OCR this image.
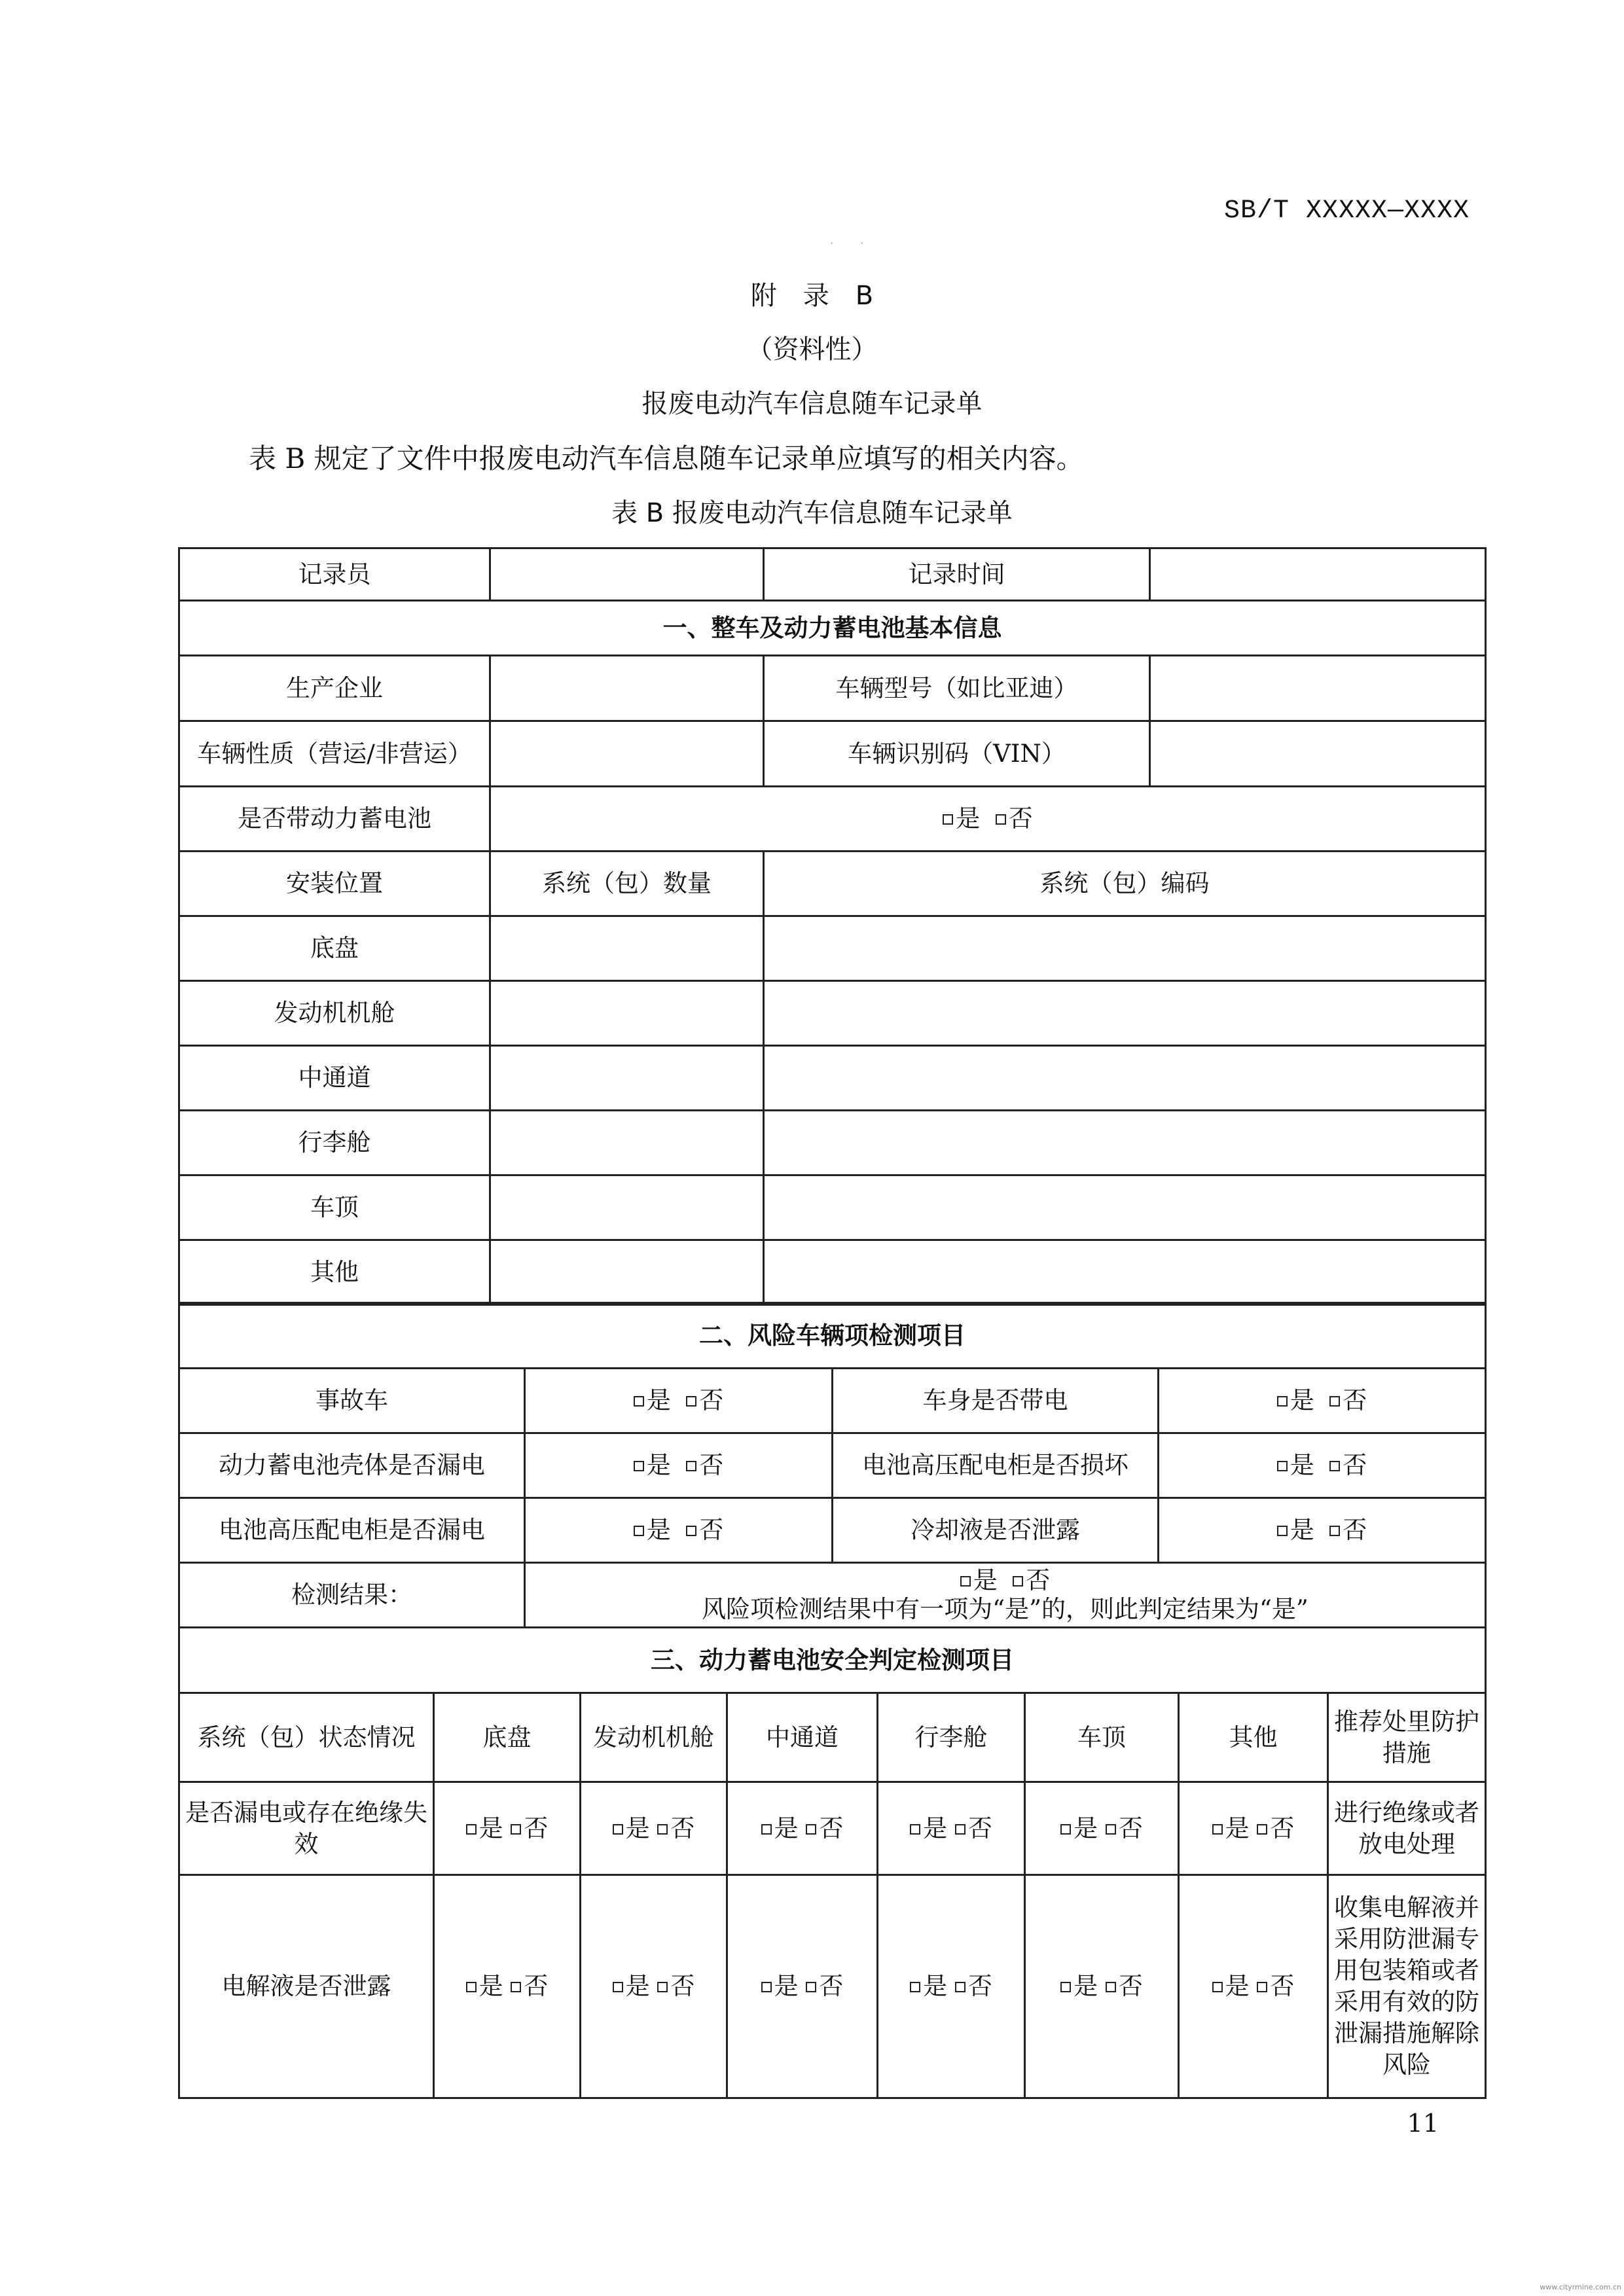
SB/T XXXXX—XXXX
· ·
附　录　B
（资料性）
报废电动汽车信息随车记录单
表 B 规定了文件中报废电动汽车信息随车记录单应填写的相关内容。
表 B 报废电动汽车信息随车记录单
记录员		记录时间	
一、整车及动力蓄电池基本信息			
生产企业		车辆型号（如比亚迪）	
车辆性质（营运/非营运）		车辆识别码（VIN）	
是否带动力蓄电池	是 否		
安装位置	系统（包）数量	系统（包）编码	
底盘			
发动机机舱			
中通道			
行李舱			
车顶			
其他			
二、风险车辆项检测项目			
事故车	是 否	车身是否带电	是 否
动力蓄电池壳体是否漏电	是 否	电池高压配电柜是否损坏	是 否
电池高压配电柜是否漏电	是 否	冷却液是否泄露	是 否
检测结果：	是 否
风险项检测结果中有一项为“是”的，则此判定结果为“是”		
三、动力蓄电池安全判定检测项目							
系统（包）状态情况	底盘	发动机机舱	中通道	行李舱	车顶	其他	推荐处里防护措施
是否漏电或存在绝缘失效	是 否	是 否	是 否	是 否	是 否	是 否	进行绝缘或者放电处理
电解液是否泄露	是 否	是 否	是 否	是 否	是 否	是 否	收集电解液并采用防泄漏专用包装箱或者采用有效的防泄漏措施解除风险
11
www.cityrmine.com.cn
